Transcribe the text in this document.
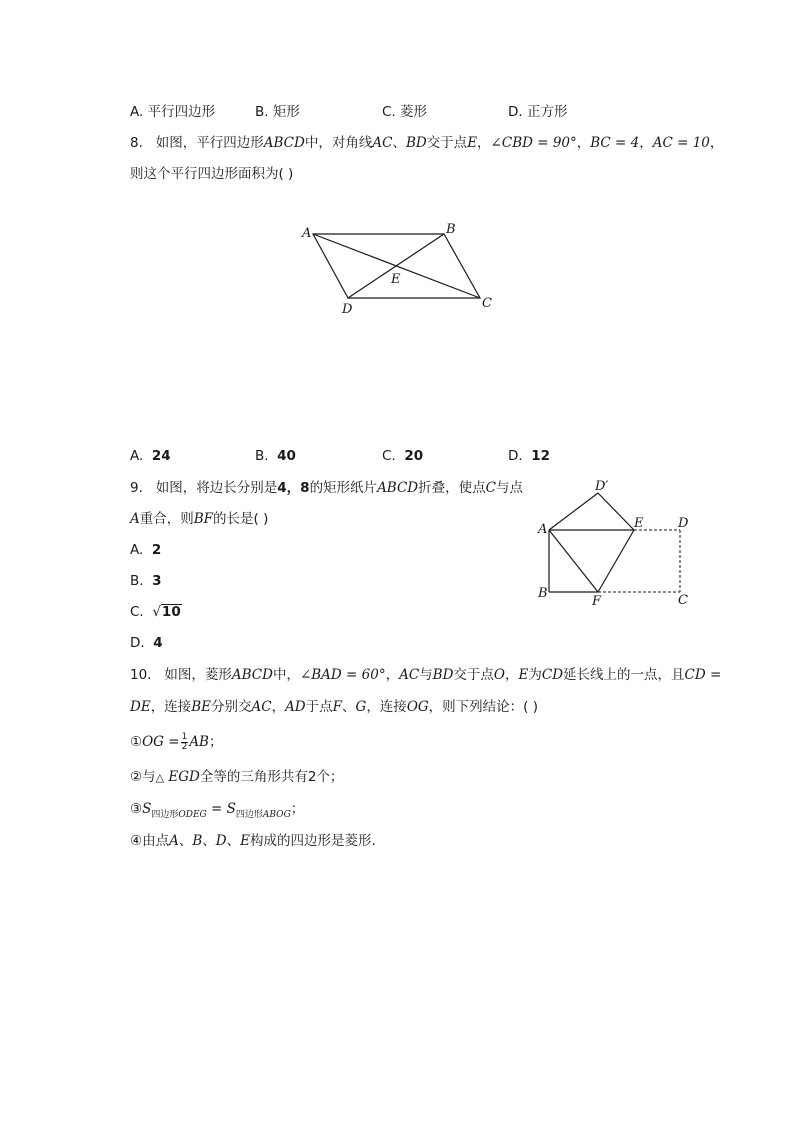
A. 平行四边形	B. 矩形	C. 菱形	D. 正方形
8. 如图，平行四边形ABCD中，对角线AC、BD交于点E，∠CBD = 90°，BC = 4，AC = 10，
则这个平行四边形面积为( )
A	B
C
D
E
A. 24	B. 40	C. 20	D. 12
9. 如图，将边长分别是4，8的矩形纸片ABCD折叠，使点C与点
A重合，则BF的长是( )
A. 2
B. 3
C. √10
D. 4
D′
A	E	D
B
F	C
10. 如图，菱形ABCD中，∠BAD = 60°，AC与BD交于点O，E为CD延长线上的一点，且CD =
DE，连接BE分别交AC，AD于点F、G，连接OG，则下列结论：( )
①OG = $\frac{1}{2}$ AB；
②与△ EGD全等的三角形共有2个；
$③S_{四边形ODEG} = S_{四边形ABOG}$；
④由点A、B、D、E构成的四边形是菱形.
